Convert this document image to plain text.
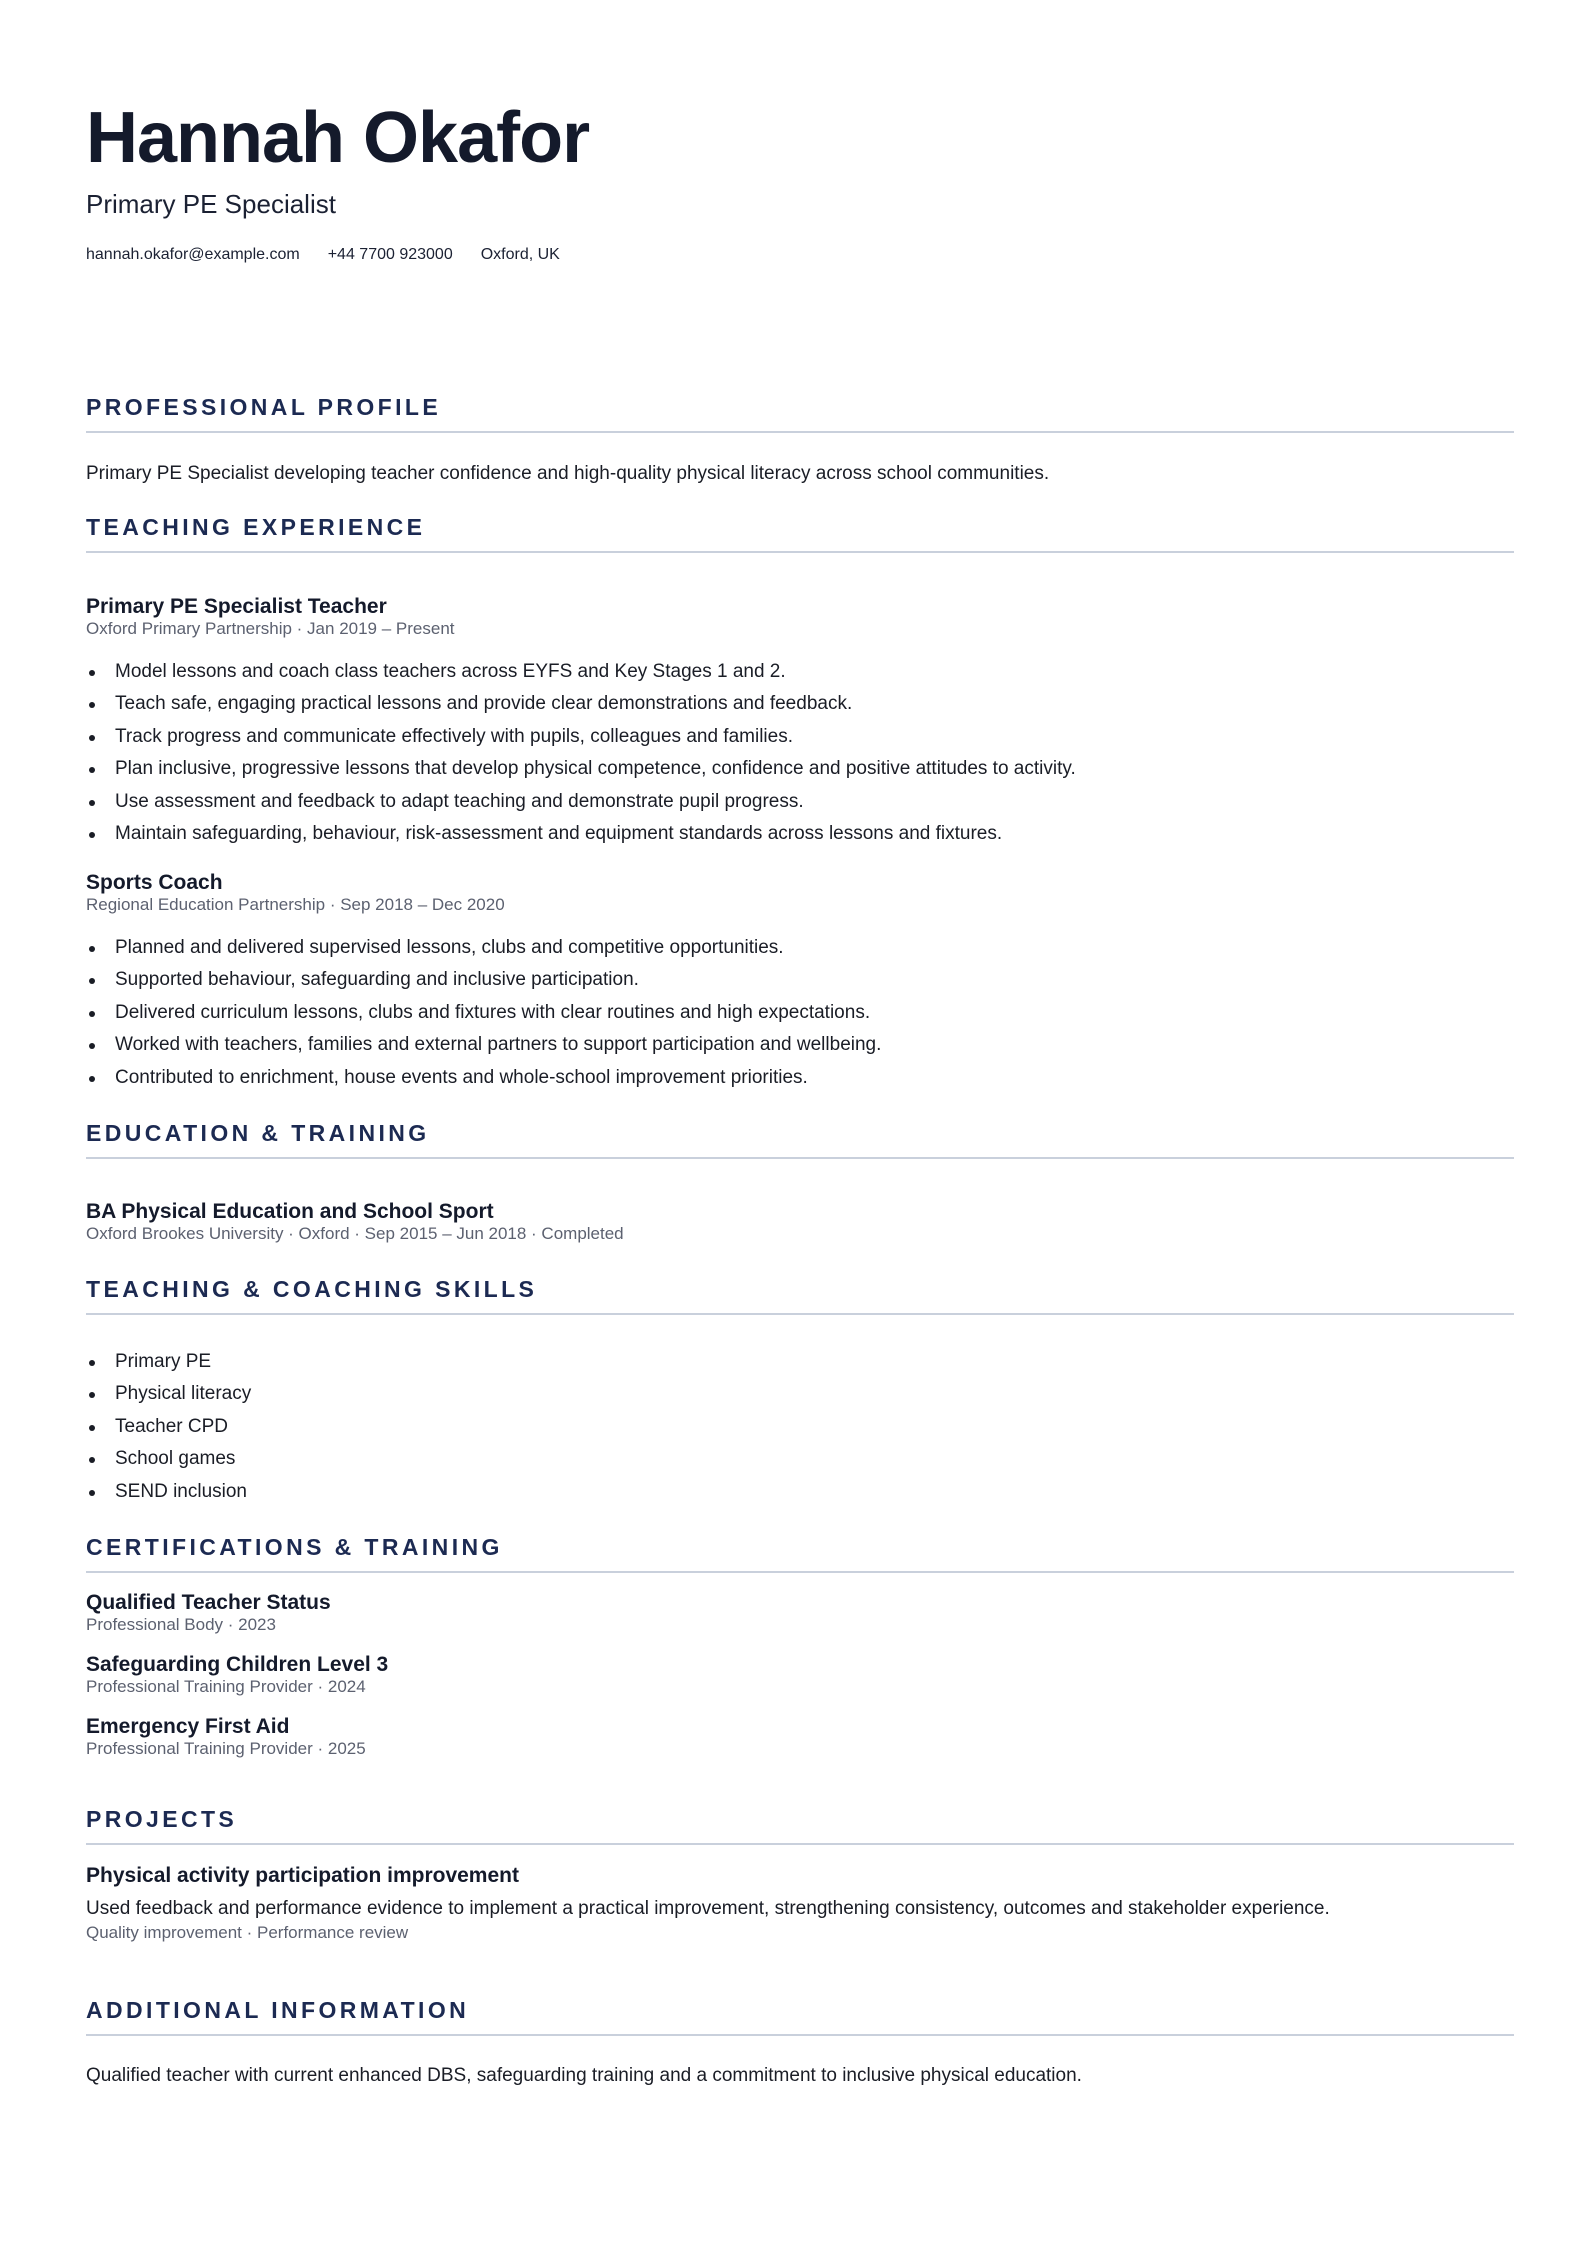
Hannah Okafor
Primary PE Specialist
hannah.okafor@example.com +44 7700 923000 Oxford, UK
PROFESSIONAL PROFILE

Primary PE Specialist developing teacher confidence and high-quality physical literacy across school communities.

TEACHING EXPERIENCE
Primary PE Specialist Teacher
Oxford Primary Partnership · Jan 2019 – Present
Model lessons and coach class teachers across EYFS and Key Stages 1 and 2.
Teach safe, engaging practical lessons and provide clear demonstrations and feedback.
Track progress and communicate effectively with pupils, colleagues and families.
Plan inclusive, progressive lessons that develop physical competence, confidence and positive attitudes to activity.
Use assessment and feedback to adapt teaching and demonstrate pupil progress.
Maintain safeguarding, behaviour, risk-assessment and equipment standards across lessons and fixtures.
Sports Coach
Regional Education Partnership · Sep 2018 – Dec 2020
Planned and delivered supervised lessons, clubs and competitive opportunities.
Supported behaviour, safeguarding and inclusive participation.
Delivered curriculum lessons, clubs and fixtures with clear routines and high expectations.
Worked with teachers, families and external partners to support participation and wellbeing.
Contributed to enrichment, house events and whole-school improvement priorities.
EDUCATION & TRAINING
BA Physical Education and School Sport
Oxford Brookes University · Oxford · Sep 2015 – Jun 2018 · Completed
TEACHING & COACHING SKILLS
Primary PE
Physical literacy
Teacher CPD
School games
SEND inclusion
CERTIFICATIONS & TRAINING
Qualified Teacher Status
Professional Body · 2023
Safeguarding Children Level 3
Professional Training Provider · 2024
Emergency First Aid
Professional Training Provider · 2025
PROJECTS
Physical activity participation improvement

Used feedback and performance evidence to implement a practical improvement, strengthening consistency, outcomes and stakeholder experience.

Quality improvement · Performance review
ADDITIONAL INFORMATION

Qualified teacher with current enhanced DBS, safeguarding training and a commitment to inclusive physical education.
